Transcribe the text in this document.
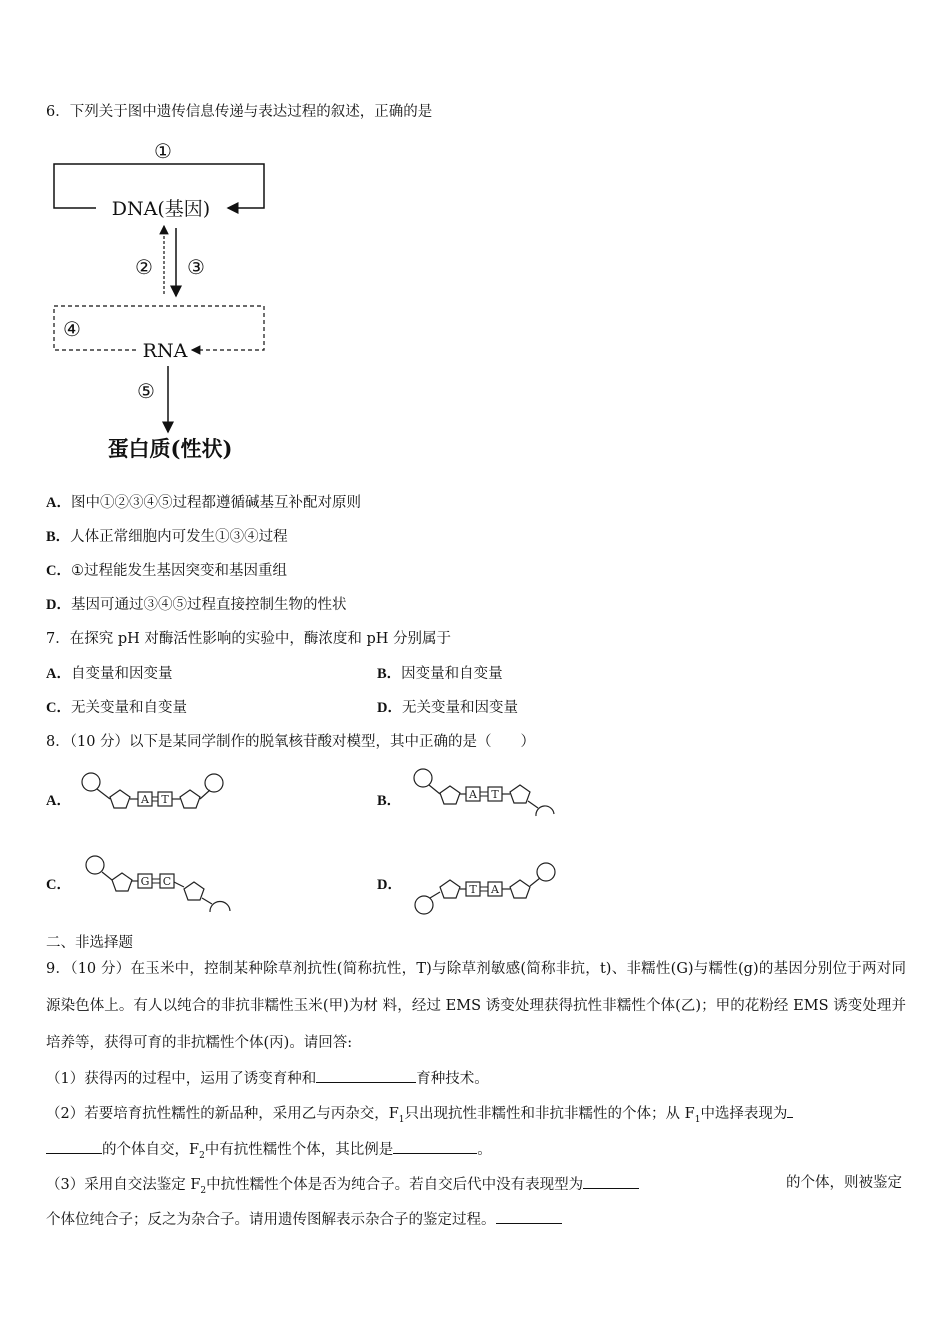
6．下列关于图中遗传信息传递与表达过程的叙述，正确的是
①
DNA(基因)
② ③
④
RNA
⑤
蛋白质(性状)
A．图中①②③④⑤过程都遵循碱基互补配对原则
B．人体正常细胞内可发生①③④过程
C．①过程能发生基因突变和基因重组
D．基因可通过③④⑤过程直接控制生物的性状
7．在探究 pH 对酶活性影响的实验中，酶浓度和 pH 分别属于
A．自变量和因变量	B．因变量和自变量
C．无关变量和自变量	D．无关变量和因变量
8．（10 分）以下是某同学制作的脱氧核苷酸对模型，其中正确的是（　　）
A．	A T	B．	A T
C．	G C	D．	T A
二、非选择题
9．（10 分）在玉米中，控制某种除草剂抗性(简称抗性，T)与除草剂敏感(简称非抗，t)、非糯性(G)与糯性(g)的基因分别位于两对同源染色体上。有人以纯合的非抗非糯性玉米(甲)为材 料，经过 EMS 诱变处理获得抗性非糯性个体(乙)；甲的花粉经 EMS 诱变处理并培养等，获得可育的非抗糯性个体(丙)。请回答:
（1）获得丙的过程中，运用了诱变育种和	育种技术。
（2）若要培育抗性糯性的新品种，采用乙与丙杂交，$F_1$只出现抗性非糯性和非抗非糯性的个体；从 $F_1$中选择表现为
的个体自交，$F_2$中有抗性糯性个体，其比例是	。
（3）采用自交法鉴定 $F_2$中抗性糯性个体是否为纯合子。若自交后代中没有表现型为	的个体，则被鉴定个体位纯合子；反之为杂合子。请用遗传图解表示杂合子的鉴定过程。
